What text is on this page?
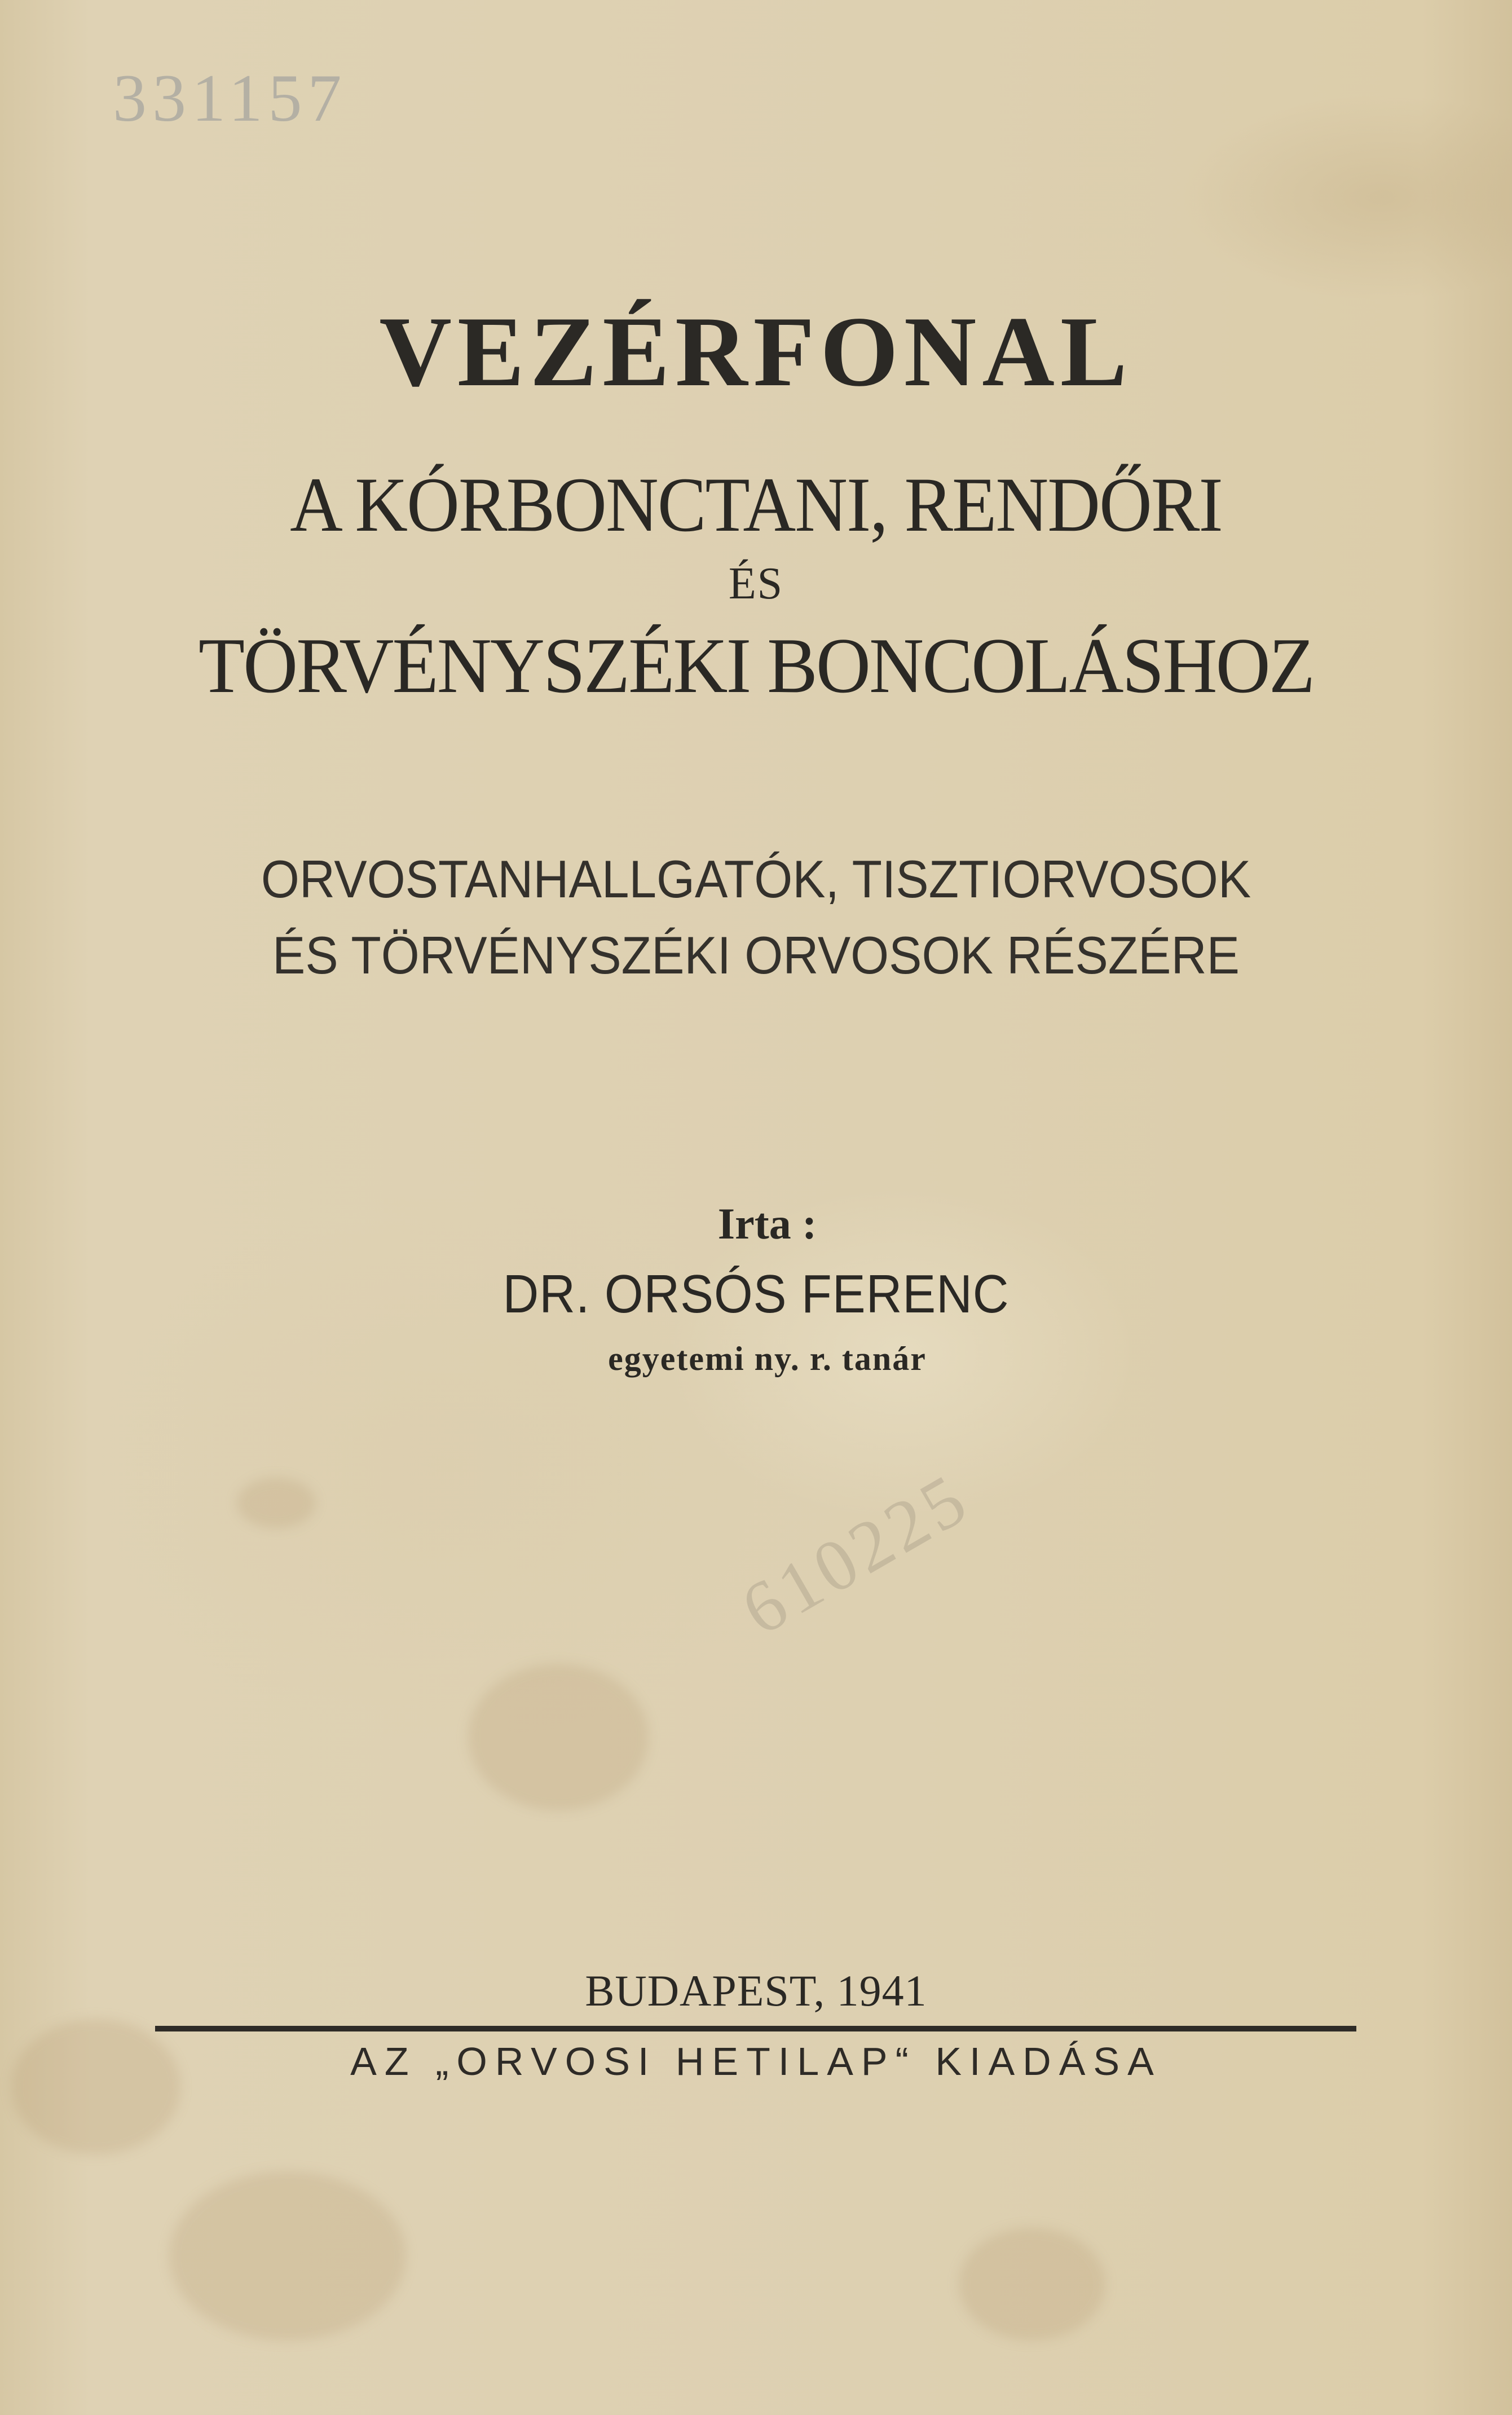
331157
610225
VEZÉRFONAL
A KÓRBONCTANI, RENDŐRI
ÉS
TÖRVÉNYSZÉKI BONCOLÁSHOZ
ORVOSTANHALLGATÓK, TISZTIORVOSOK
ÉS TÖRVÉNYSZÉKI ORVOSOK RÉSZÉRE
Irta :
DR. ORSÓS FERENC
egyetemi ny. r. tanár
BUDAPEST, 1941
AZ „ORVOSI HETILAP“ KIADÁSA
